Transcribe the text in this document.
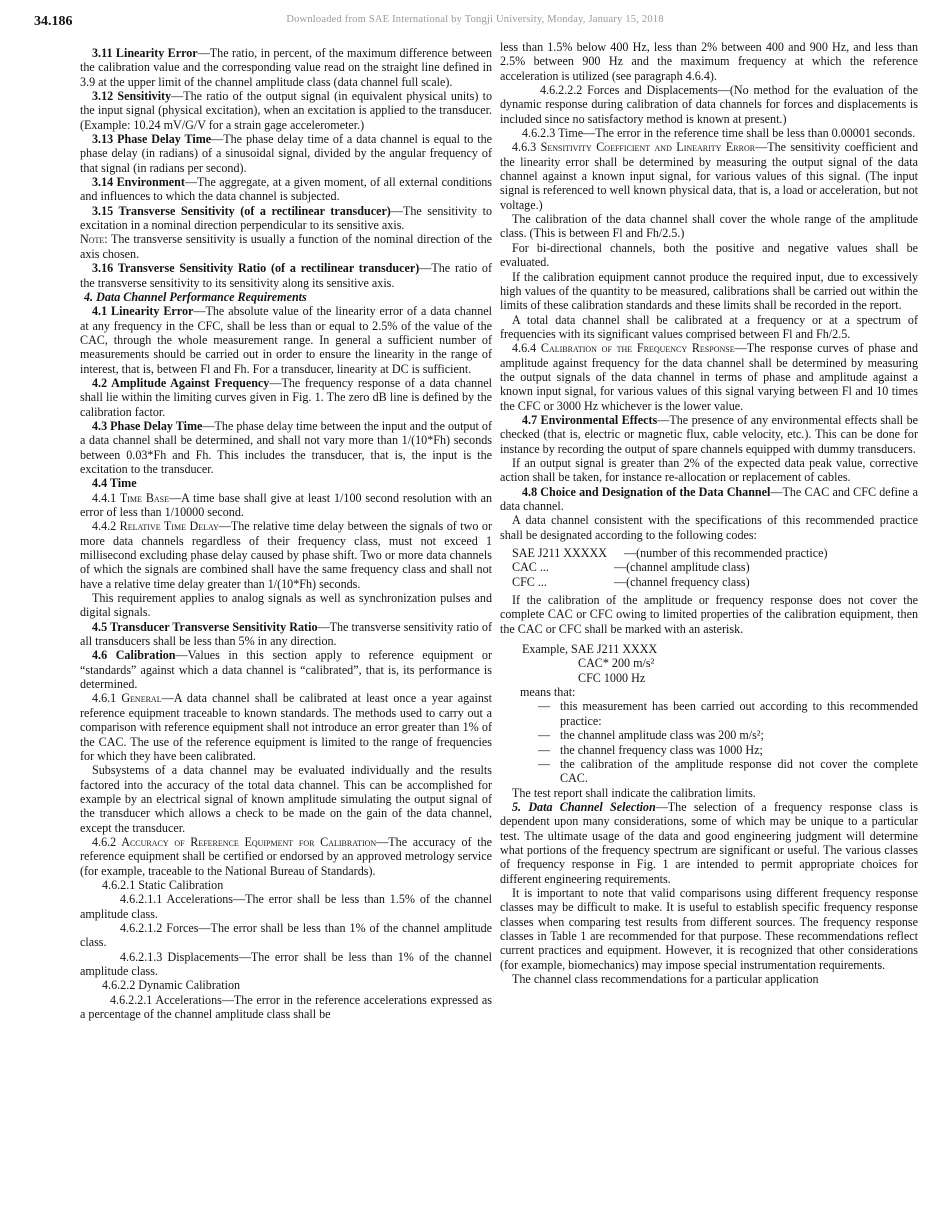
34.186	Downloaded from SAE International by Tongji University, Monday, January 15, 2018

3.11 Linearity Error—The ratio, in percent, of the maximum difference between the calibration value and the corresponding value read on the straight line defined in 3.9 at the upper limit of the channel amplitude class (data channel full scale).

3.12 Sensitivity—The ratio of the output signal (in equivalent physical units) to the input signal (physical excitation), when an excitation is applied to the transducer. (Example: 10.24 mV/G/V for a strain gage accelerometer.)

3.13 Phase Delay Time—The phase delay time of a data channel is equal to the phase delay (in radians) of a sinusoidal signal, divided by the angular frequency of that signal (in radians per second).

3.14 Environment—The aggregate, at a given moment, of all external conditions and influences to which the data channel is subjected.

3.15 Transverse Sensitivity (of a rectilinear transducer)—The sensitivity to excitation in a nominal direction perpendicular to its sensitive axis.

Note: The transverse sensitivity is usually a function of the nominal direction of the axis chosen.

3.16 Transverse Sensitivity Ratio (of a rectilinear transducer)—The ratio of the transverse sensitivity to its sensitivity along its sensitive axis.

4. Data Channel Performance Requirements

4.1 Linearity Error—The absolute value of the linearity error of a data channel at any frequency in the CFC, shall be less than or equal to 2.5% of the value of the CAC, through the whole measurement range. In general a sufficient number of measurements should be carried out in order to ensure the linearity in the range of interest, that is, between Fl and Fh. For a transducer, linearity at DC is sufficient.

4.2 Amplitude Against Frequency—The frequency response of a data channel shall lie within the limiting curves given in Fig. 1. The zero dB line is defined by the calibration factor.

4.3 Phase Delay Time—The phase delay time between the input and the output of a data channel shall be determined, and shall not vary more than 1/(10*Fh) seconds between 0.03*Fh and Fh. This includes the transducer, that is, the input is the excitation to the transducer.

4.4 Time

4.4.1 Time Base—A time base shall give at least 1/100 second resolution with an error of less than 1/10000 second.

4.4.2 Relative Time Delay—The relative time delay between the signals of two or more data channels regardless of their frequency class, must not exceed 1 millisecond excluding phase delay caused by phase shift. Two or more data channels of which the signals are combined shall have the same frequency class and shall not have a relative time delay greater than 1/(10*Fh) seconds.

This requirement applies to analog signals as well as synchronization pulses and digital signals.

4.5 Transducer Transverse Sensitivity Ratio—The transverse sensitivity ratio of all transducers shall be less than 5% in any direction.

4.6 Calibration—Values in this section apply to reference equipment or “standards” against which a data channel is “calibrated”, that is, its performance is determined.

4.6.1 General—A data channel shall be calibrated at least once a year against reference equipment traceable to known standards. The methods used to carry out a comparison with reference equipment shall not introduce an error greater than 1% of the CAC. The use of the reference equipment is limited to the range of frequencies for which they have been calibrated.

Subsystems of a data channel may be evaluated individually and the results factored into the accuracy of the total data channel. This can be accomplished for example by an electrical signal of known amplitude simulating the output signal of the transducer which allows a check to be made on the gain of the data channel, except the transducer.

4.6.2 Accuracy of Reference Equipment for Calibration—The accuracy of the reference equipment shall be certified or endorsed by an approved metrology service (for example, traceable to the National Bureau of Standards).

4.6.2.1 Static Calibration

4.6.2.1.1 Accelerations—The error shall be less than 1.5% of the channel amplitude class.

4.6.2.1.2 Forces—The error shall be less than 1% of the channel amplitude class.

4.6.2.1.3 Displacements—The error shall be less than 1% of the channel amplitude class.

4.6.2.2 Dynamic Calibration

4.6.2.2.1 Accelerations—The error in the reference accelerations expressed as a percentage of the channel amplitude class shall be

less than 1.5% below 400 Hz, less than 2% between 400 and 900 Hz, and less than 2.5% between 900 Hz and the maximum frequency at which the reference acceleration is utilized (see paragraph 4.6.4).

4.6.2.2.2 Forces and Displacements—(No method for the evaluation of the dynamic response during calibration of data channels for forces and displacements is included since no satisfactory method is known at present.)

4.6.2.3 Time—The error in the reference time shall be less than 0.00001 seconds.

4.6.3 Sensitivity Coefficient and Linearity Error—The sensitivity coefficient and the linearity error shall be determined by measuring the output signal of the data channel against a known input signal, for various values of this signal. (The input signal is referenced to well known physical data, that is, a load or acceleration, but not voltage.)

The calibration of the data channel shall cover the whole range of the amplitude class. (This is between Fl and Fh/2.5.)

For bi-directional channels, both the positive and negative values shall be evaluated.

If the calibration equipment cannot produce the required input, due to excessively high values of the quantity to be measured, calibrations shall be carried out within the limits of these calibration standards and these limits shall be recorded in the report.

A total data channel shall be calibrated at a frequency or at a spectrum of frequencies with its significant values comprised between Fl and Fh/2.5.

4.6.4 Calibration of the Frequency Response—The response curves of phase and amplitude against frequency for the data channel shall be determined by measuring the output signals of the data channel in terms of phase and amplitude against a known input signal, for various values of this signal varying between Fl and 10 times the CFC or 3000 Hz whichever is the lower value.

4.7 Environmental Effects—The presence of any environmental effects shall be checked (that is, electric or magnetic flux, cable velocity, etc.). This can be done for instance by recording the output of spare channels equipped with dummy transducers.

If an output signal is greater than 2% of the expected data peak value, corrective action shall be taken, for instance re-allocation or replacement of cables.

4.8 Choice and Designation of the Data Channel—The CAC and CFC define a data channel.

A data channel consistent with the specifications of this recommended practice shall be designated according to the following codes:

SAE J211 XXXXX	—(number of this recommended practice)
CAC ...	—(channel amplitude class)
CFC ...	—(channel frequency class)

If the calibration of the amplitude or frequency response does not cover the complete CAC or CFC owing to limited properties of the calibration equipment, then the CAC or CFC shall be marked with an asterisk.

Example, SAE J211 XXXX
CAC* 200 m/s²
CFC 1000 Hz

means that:

— this measurement has been carried out according to this recommended practice:
— the channel amplitude class was 200 m/s²;
— the channel frequency class was 1000 Hz;
— the calibration of the amplitude response did not cover the complete CAC.

The test report shall indicate the calibration limits.

5. Data Channel Selection—The selection of a frequency response class is dependent upon many considerations, some of which may be unique to a particular test. The ultimate usage of the data and good engineering judgment will determine what portions of the frequency spectrum are significant or useful. The various classes of frequency response in Fig. 1 are intended to permit appropriate choices for different engineering requirements.

It is important to note that valid comparisons using different frequency response classes may be difficult to make. It is useful to establish specific frequency response classes when comparing test results from different sources. The frequency response classes in Table 1 are recommended for that purpose. These recommendations reflect current practices and equipment. However, it is recognized that other considerations (for example, biomechanics) may impose special instrumentation requirements.

The channel class recommendations for a particular application
